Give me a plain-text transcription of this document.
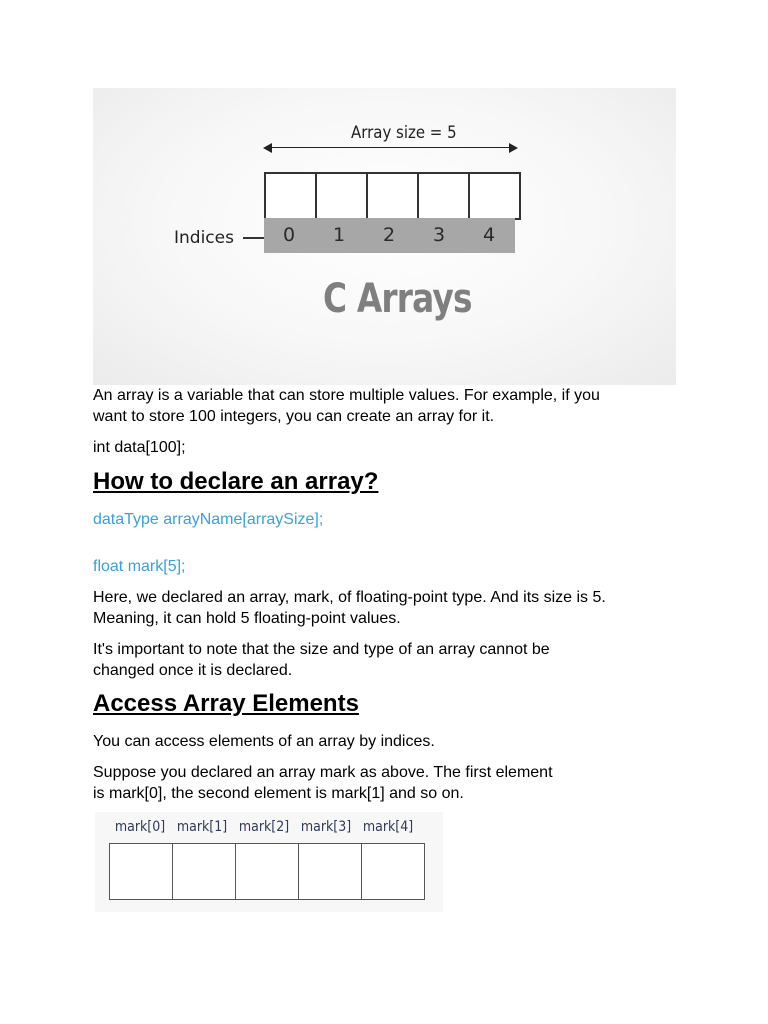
Array size = 5
Indices	0	1	2	3	4
C Arrays

An array is a variable that can store multiple values. For example, if you
want to store 100 integers, you can create an array for it.

int data[100];

How to declare an array?

dataType arrayName[arraySize];

float mark[5];

Here, we declared an array, mark, of floating-point type. And its size is 5.
Meaning, it can hold 5 floating-point values.

It's important to note that the size and type of an array cannot be
changed once it is declared.

Access Array Elements

You can access elements of an array by indices.

Suppose you declared an array mark as above. The first element
is mark[0], the second element is mark[1] and so on.

mark[0] mark[1] mark[2] mark[3] mark[4]
